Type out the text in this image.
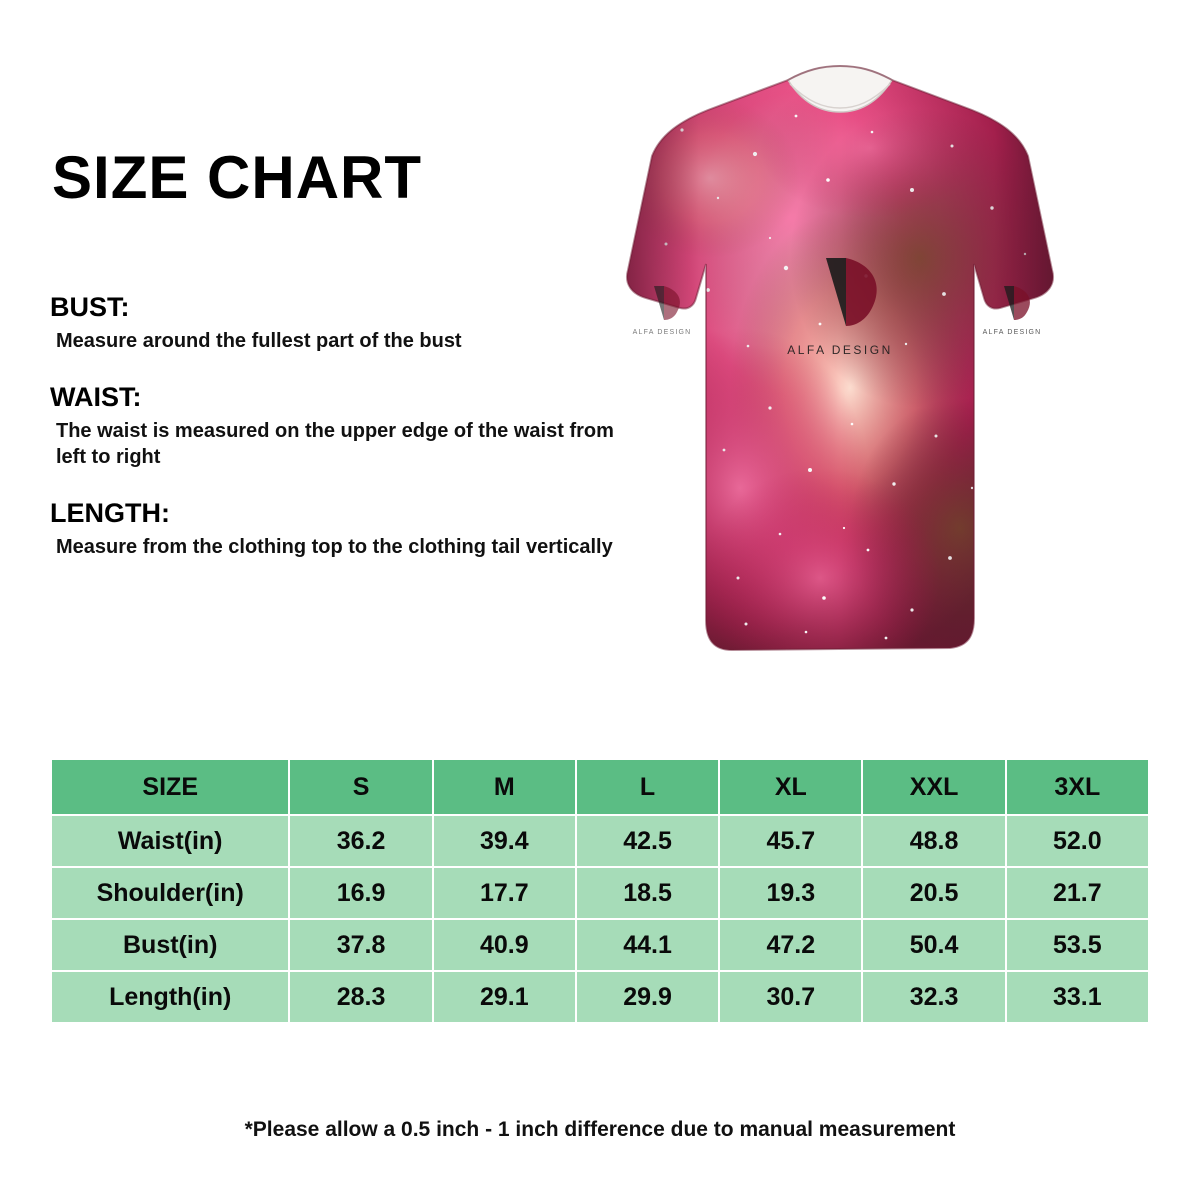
SIZE CHART
BUST:
Measure around the fullest part of the bust
WAIST:
The waist is measured on the upper edge of the waist from left to right
LENGTH:
Measure from the clothing top to the clothing tail vertically
ALFA DESIGN
ALFA DESIGN
ALFA DESIGN
SIZE	S	M	L	XL	XXL	3XL
Waist(in)	36.2	39.4	42.5	45.7	48.8	52.0
Shoulder(in)	16.9	17.7	18.5	19.3	20.5	21.7
Bust(in)	37.8	40.9	44.1	47.2	50.4	53.5
Length(in)	28.3	29.1	29.9	30.7	32.3	33.1
*Please allow a 0.5 inch - 1 inch difference due to manual measurement
